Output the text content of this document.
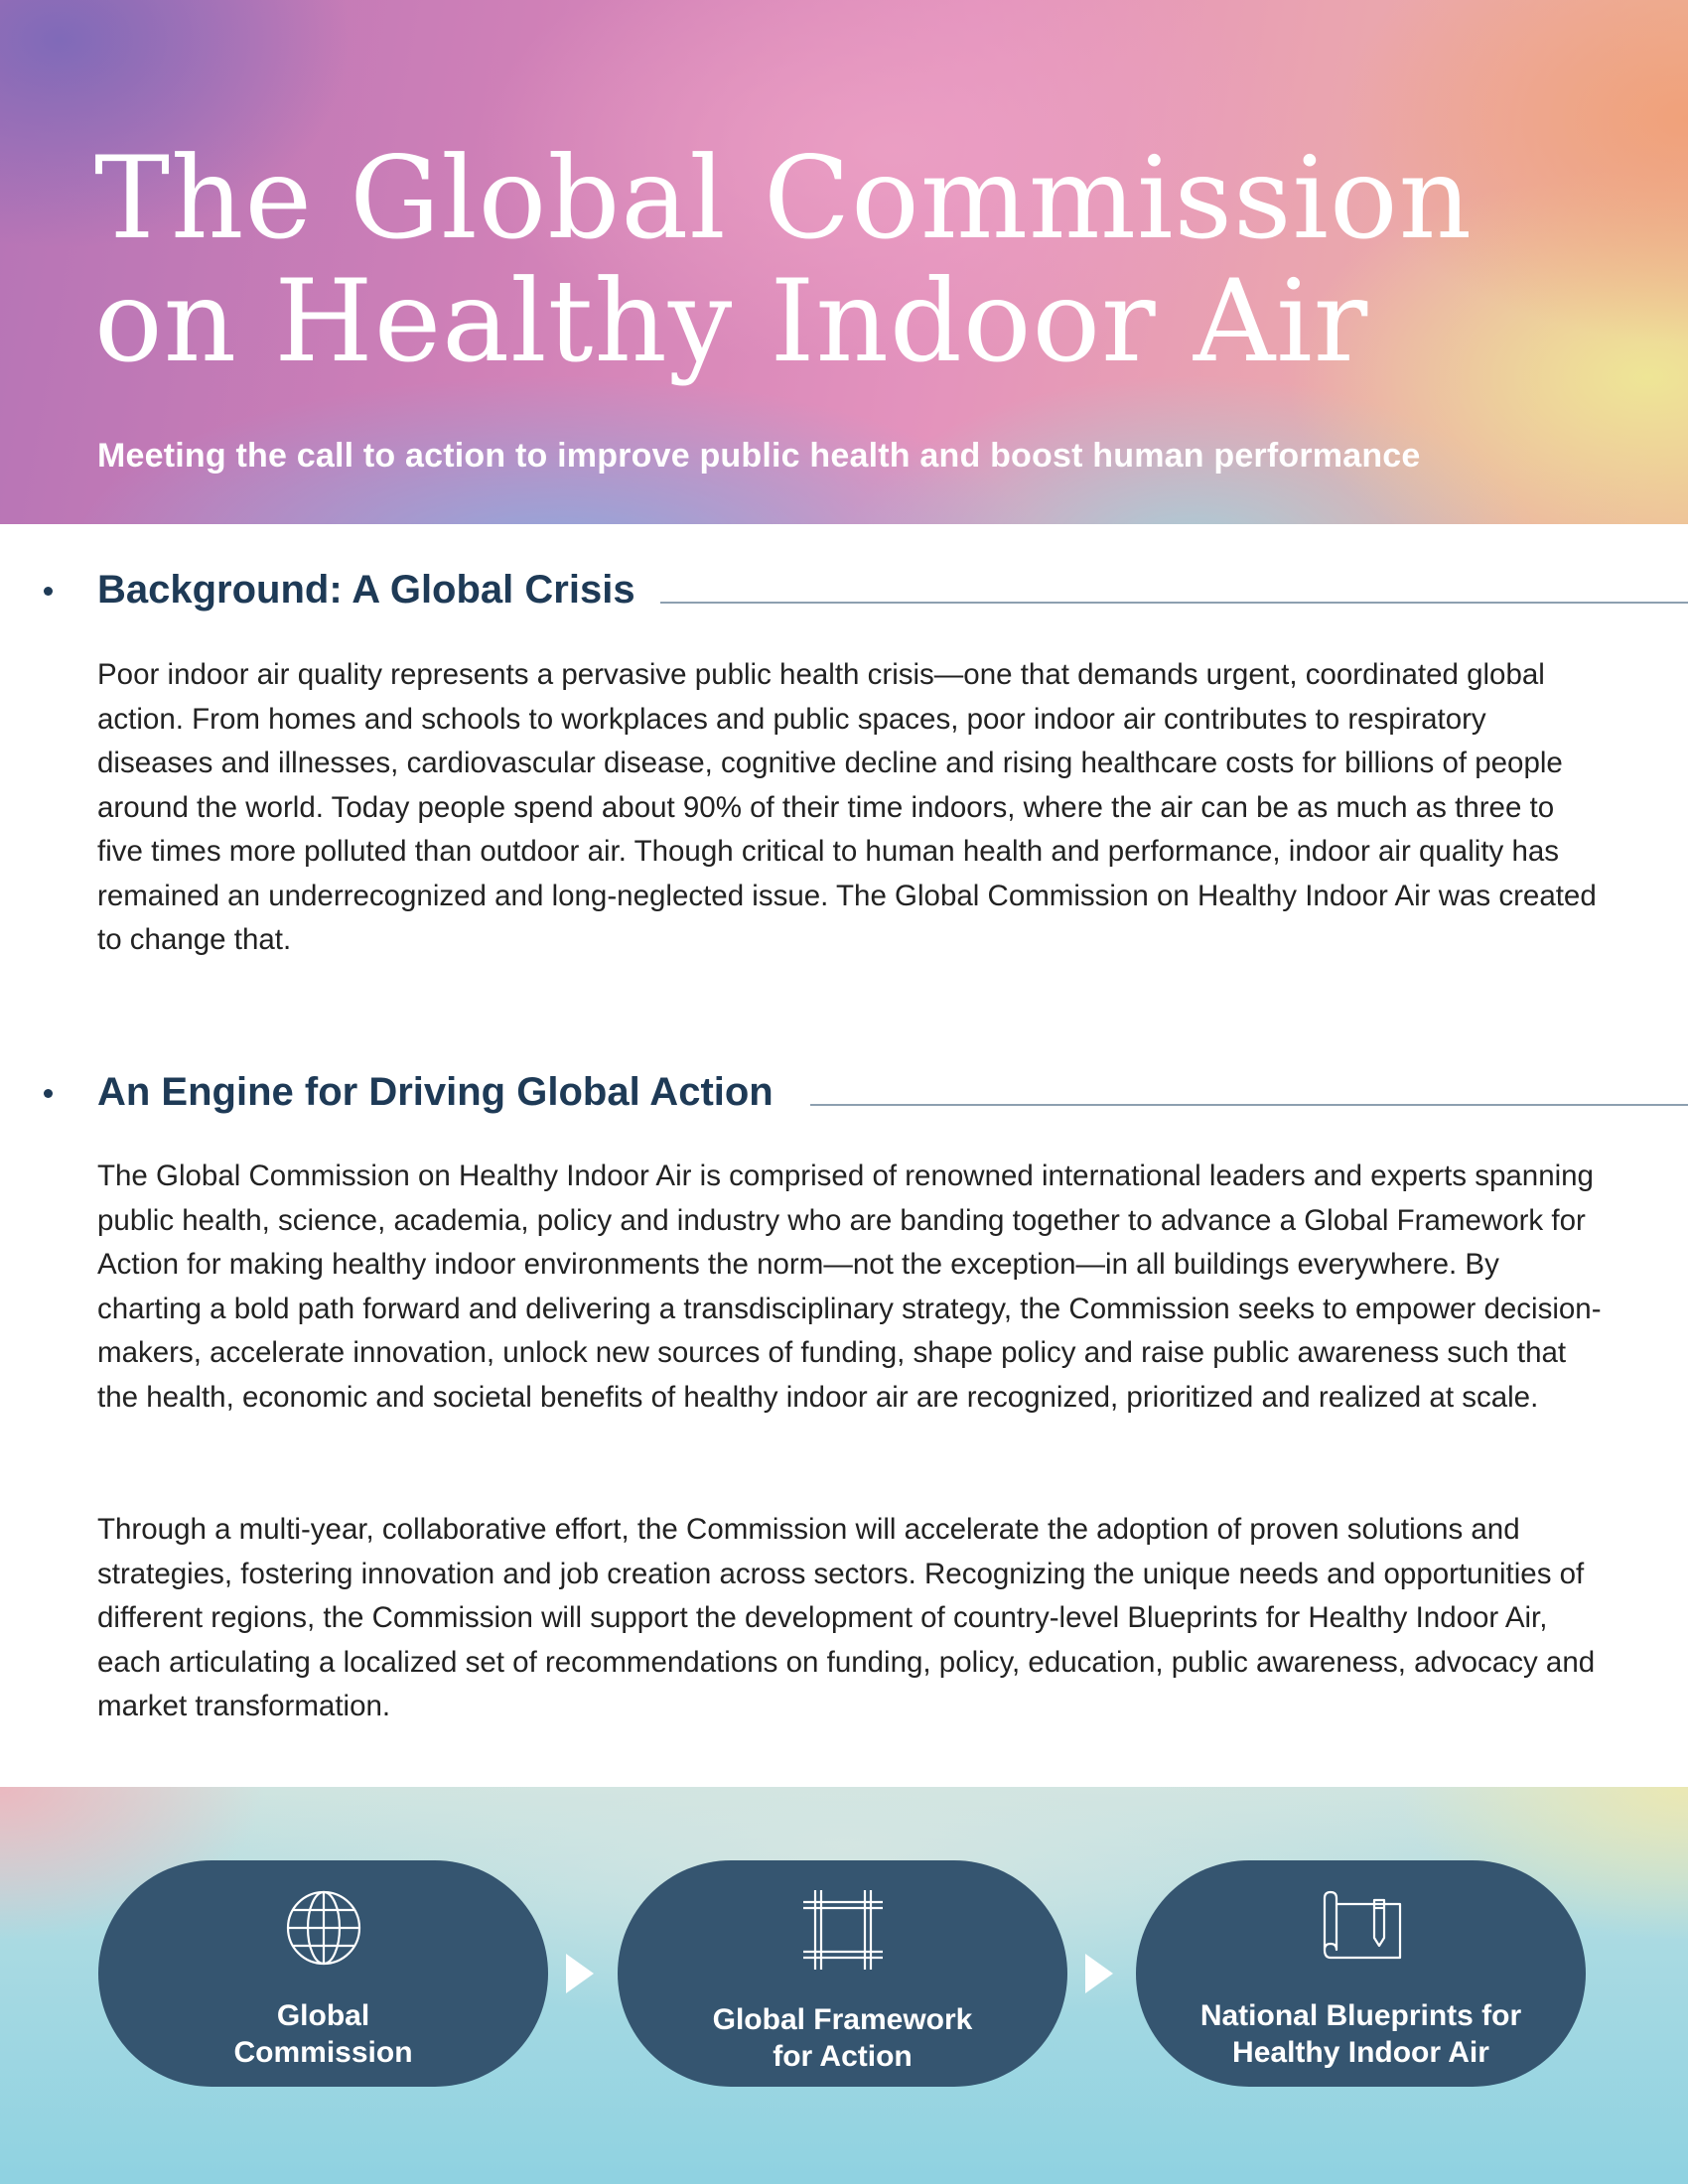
The Global Commission
on Healthy Indoor Air

Meeting the call to action to improve public health and boost human performance

Background: A Global Crisis

Poor indoor air quality represents a pervasive public health crisis—one that demands urgent, coordinated global action. From homes and schools to workplaces and public spaces, poor indoor air contributes to respiratory diseases and illnesses, cardiovascular disease, cognitive decline and rising healthcare costs for billions of people around the world. Today people spend about 90% of their time indoors, where the air can be as much as three to five times more polluted than outdoor air. Though critical to human health and performance, indoor air quality has remained an underrecognized and long-neglected issue. The Global Commission on Healthy Indoor Air was created to change that.

An Engine for Driving Global Action

The Global Commission on Healthy Indoor Air is comprised of renowned international leaders and experts spanning public health, science, academia, policy and industry who are banding together to advance a Global Framework for Action for making healthy indoor environments the norm—not the exception—in all buildings everywhere. By charting a bold path forward and delivering a transdisciplinary strategy, the Commission seeks to empower decision-makers, accelerate innovation, unlock new sources of funding, shape policy and raise public awareness such that the health, economic and societal benefits of healthy indoor air are recognized, prioritized and realized at scale.

Through a multi-year, collaborative effort, the Commission will accelerate the adoption of proven solutions and strategies, fostering innovation and job creation across sectors. Recognizing the unique needs and opportunities of different regions, the Commission will support the development of country-level Blueprints for Healthy Indoor Air, each articulating a localized set of recommendations on funding, policy, education, public awareness, advocacy and market transformation.

Global
Commission
Global Framework
for Action
National Blueprints for
Healthy Indoor Air
